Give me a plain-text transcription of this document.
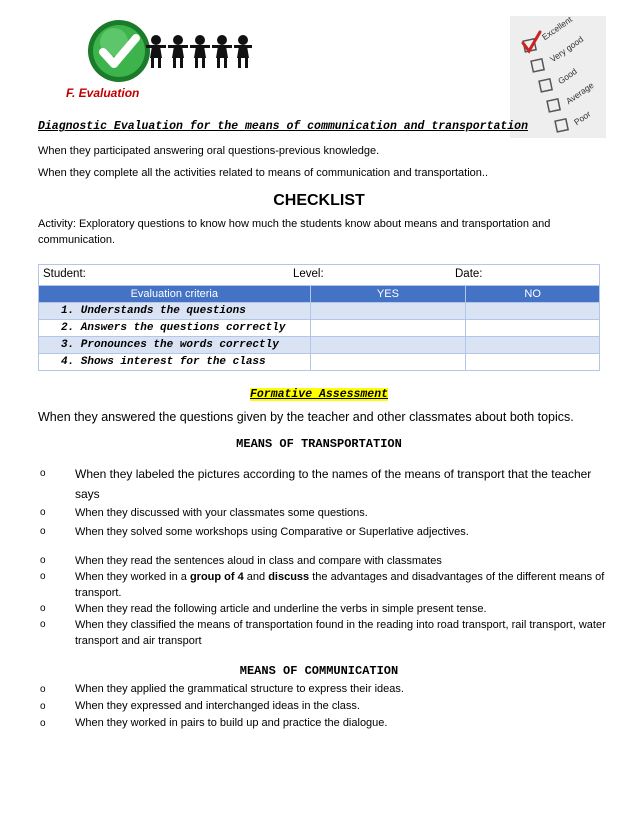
F. Evaluation
Excellent
Very good
Good
Average
Poor
Diagnostic Evaluation for the means of communication and transportation
When they participated answering oral questions-previous knowledge.
When they complete all the activities related to means of communication and transportation..
CHECKLIST
Activity: Exploratory questions to know how much the students know about means and transportation and communication.
Student:	Level:	Date:
Evaluation criteria	YES	NO
1. Understands the questions		
2. Answers the questions correctly		
3. Pronounces the words correctly		
4. Shows interest for the class		
Formative Assessment
When they answered the questions given by the teacher and other classmates about both topics.
MEANS OF TRANSPORTATION
o When they labeled the pictures according to the names of the means of transport that the teacher says
o	When they discussed with your classmates some questions.
o	When they solved some workshops using Comparative or Superlative adjectives.
o	When they read the sentences aloud in class and compare with classmates
o	When they worked in a group of 4 and discuss the advantages and disadvantages of the different means of transport.
o	When they read the following article and underline the verbs in simple present tense.
o	When they classified the means of transportation found in the reading into road transport, rail transport, water transport and air transport
MEANS OF COMMUNICATION
o	When they applied the grammatical structure to express their ideas.
o	When they expressed and interchanged ideas in the class.
o	When they worked in pairs to build up and practice the dialogue.
